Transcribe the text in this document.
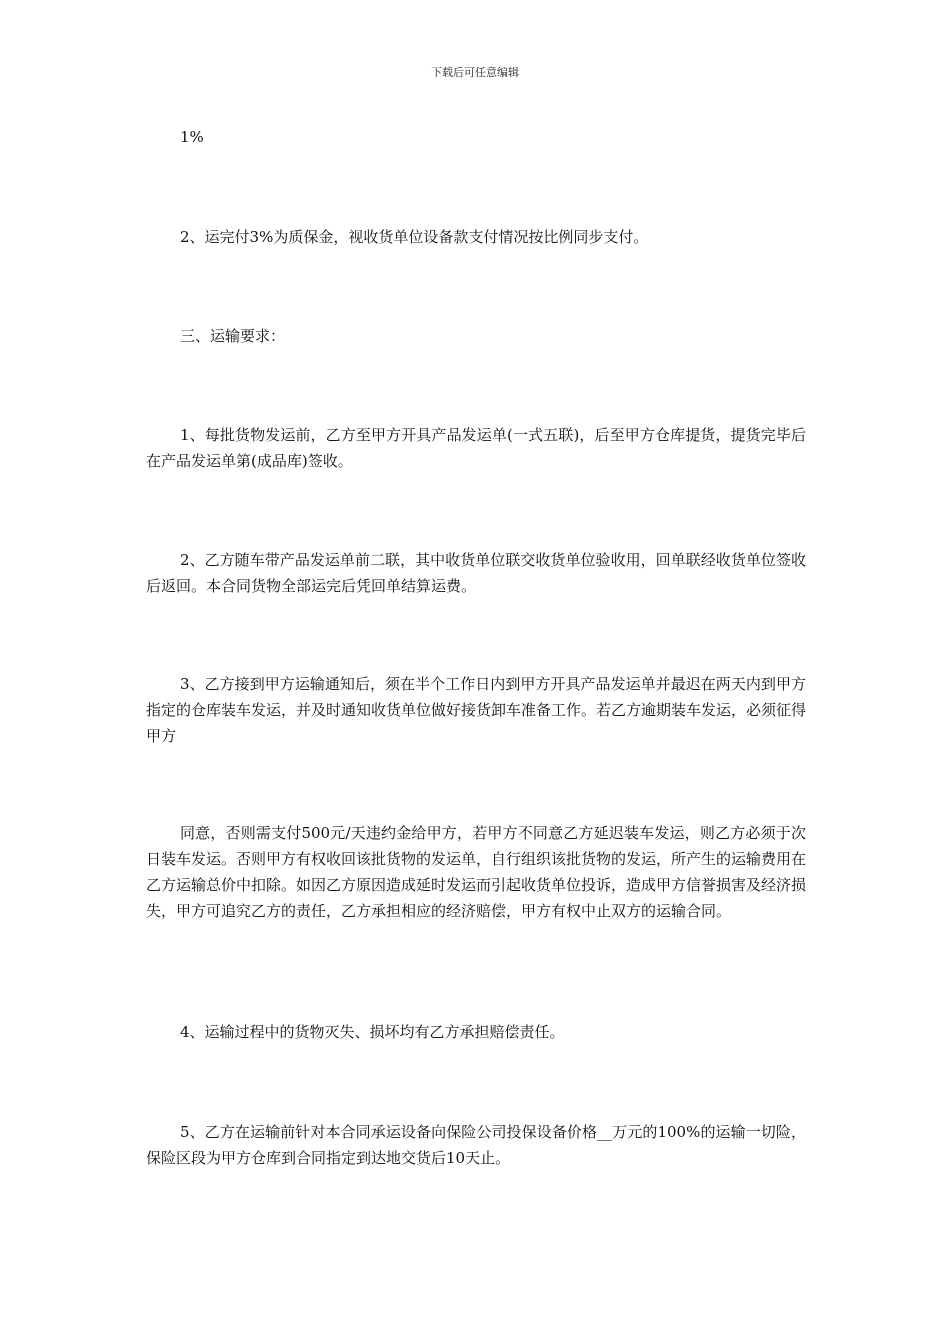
下载后可任意编辑

1%

2、运完付3%为质保金，视收货单位设备款支付情况按比例同步支付。

三、运输要求：

1、每批货物发运前，乙方至甲方开具产品发运单(一式五联)，后至甲方仓库提货，提货完毕后在产品发运单第(成品库)签收。

2、乙方随车带产品发运单前二联，其中收货单位联交收货单位验收用，回单联经收货单位签收后返回。本合同货物全部运完后凭回单结算运费。

3、乙方接到甲方运输通知后，须在半个工作日内到甲方开具产品发运单并最迟在两天内到甲方指定的仓库装车发运，并及时通知收货单位做好接货卸车准备工作。若乙方逾期装车发运，必须征得甲方

同意，否则需支付500元/天违约金给甲方，若甲方不同意乙方延迟装车发运，则乙方必须于次日装车发运。否则甲方有权收回该批货物的发运单，自行组织该批货物的发运，所产生的运输费用在乙方运输总价中扣除。如因乙方原因造成延时发运而引起收货单位投诉，造成甲方信誉损害及经济损失，甲方可追究乙方的责任，乙方承担相应的经济赔偿，甲方有权中止双方的运输合同。

4、运输过程中的货物灭失、损坏均有乙方承担赔偿责任。

5、乙方在运输前针对本合同承运设备向保险公司投保设备价格__万元的100%的运输一切险，保险区段为甲方仓库到合同指定到达地交货后10天止。
